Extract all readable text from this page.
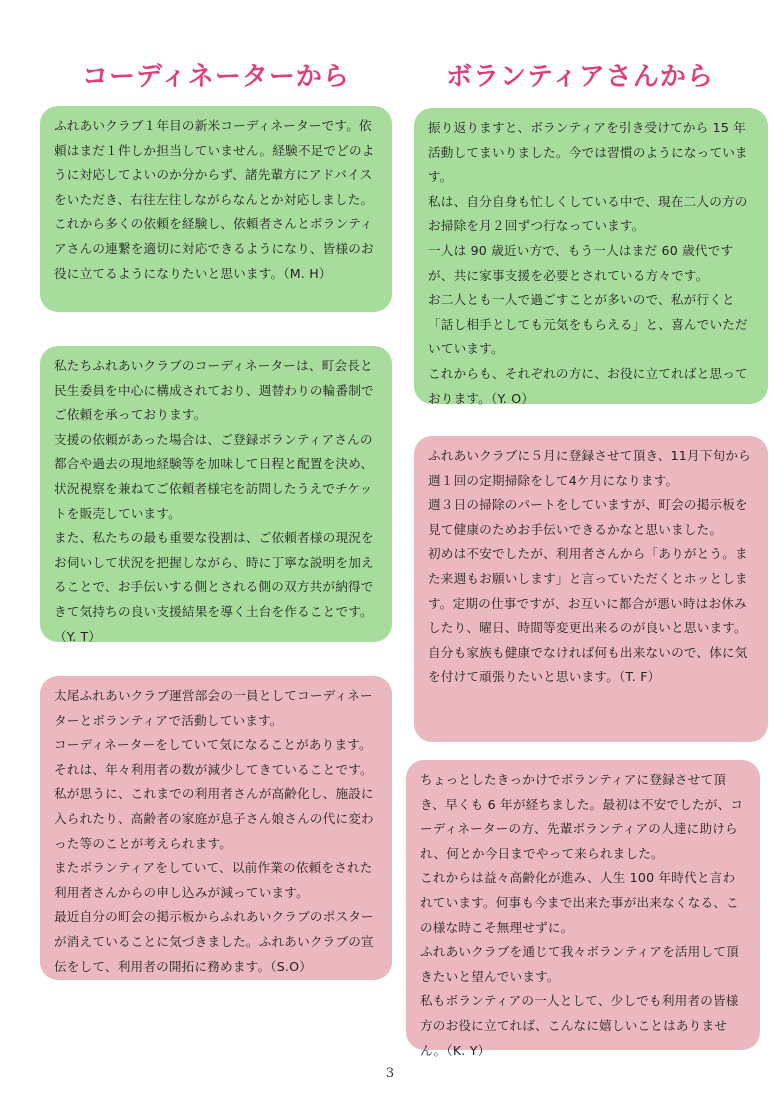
コーディネーターから	ボランティアさんから

ふれあいクラブ１年目の新米コーディネーターです。依頼はまだ１件しか担当していません。経験不足でどのように対応してよいのか分からず、諸先輩方にアドバイスをいただき、右往左往しながらなんとか対応しました。

これから多くの依頼を経験し、依頼者さんとボランティアさんの連繋を適切に対応できるようになり、皆様のお役に立てるようになりたいと思います。（M. H）

私たちふれあいクラブのコーディネーターは、町会長と民生委員を中心に構成されており、週替わりの輪番制でご依頼を承っております。

支援の依頼があった場合は、ご登録ボランティアさんの都合や過去の現地経験等を加味して日程と配置を決め、状況視察を兼ねてご依頼者様宅を訪問したうえでチケットを販売しています。

また、私たちの最も重要な役割は、ご依頼者様の現況をお伺いして状況を把握しながら、時に丁寧な説明を加えることで、お手伝いする側とされる側の双方共が納得できて気持ちの良い支援結果を導く土台を作ることです。（Y. T）

太尾ふれあいクラブ運営部会の一員としてコーディネーターとボランティアで活動しています。

コーディネーターをしていて気になることがあります。それは、年々利用者の数が減少してきていることです。私が思うに、これまでの利用者さんが高齢化し、施設に入られたり、高齢者の家庭が息子さん娘さんの代に変わった等のことが考えられます。

またボランティアをしていて、以前作業の依頼をされた利用者さんからの申し込みが減っています。

最近自分の町会の掲示板からふれあいクラブのポスターが消えていることに気づきました。ふれあいクラブの宣伝をして、利用者の開拓に務めます。（S.O）

振り返りますと、ボランティアを引き受けてから 15 年活動してまいりました。今では習慣のようになっています。

私は、自分自身も忙しくしている中で、現在二人の方のお掃除を月２回ずつ行なっています。

一人は 90 歳近い方で、もう一人はまだ 60 歳代ですが、共に家事支援を必要とされている方々です。

お二人とも一人で過ごすことが多いので、私が行くと「話し相手としても元気をもらえる」と、喜んでいただいています。

これからも、それぞれの方に、お役に立てればと思っております。（Y. O）

ふれあいクラブに５月に登録させて頂き、11月下旬から週１回の定期掃除をして4ケ月になります。

週３日の掃除のパートをしていますが、町会の掲示板を見て健康のためお手伝いできるかなと思いました。

初めは不安でしたが、利用者さんから「ありがとう。また来週もお願いします」と言っていただくとホッとします。定期の仕事ですが、お互いに都合が悪い時はお休みしたり、曜日、時間等変更出来るのが良いと思います。

自分も家族も健康でなければ何も出来ないので、体に気を付けて頑張りたいと思います。（T. F）

ちょっとしたきっかけでボランティアに登録させて頂き、早くも 6 年が経ちました。最初は不安でしたが、コーディネーターの方、先輩ボランティアの人達に助けられ、何とか今日までやって来られました。

これからは益々高齢化が進み、人生 100 年時代と言われています。何事も今まで出来た事が出来なくなる、この様な時こそ無理せずに。

ふれあいクラブを通じて我々ボランティアを活用して頂きたいと望んでいます。

私もボランティアの一人として、少しでも利用者の皆様方のお役に立てれば、こんなに嬉しいことはありません。（K. Y）

3
